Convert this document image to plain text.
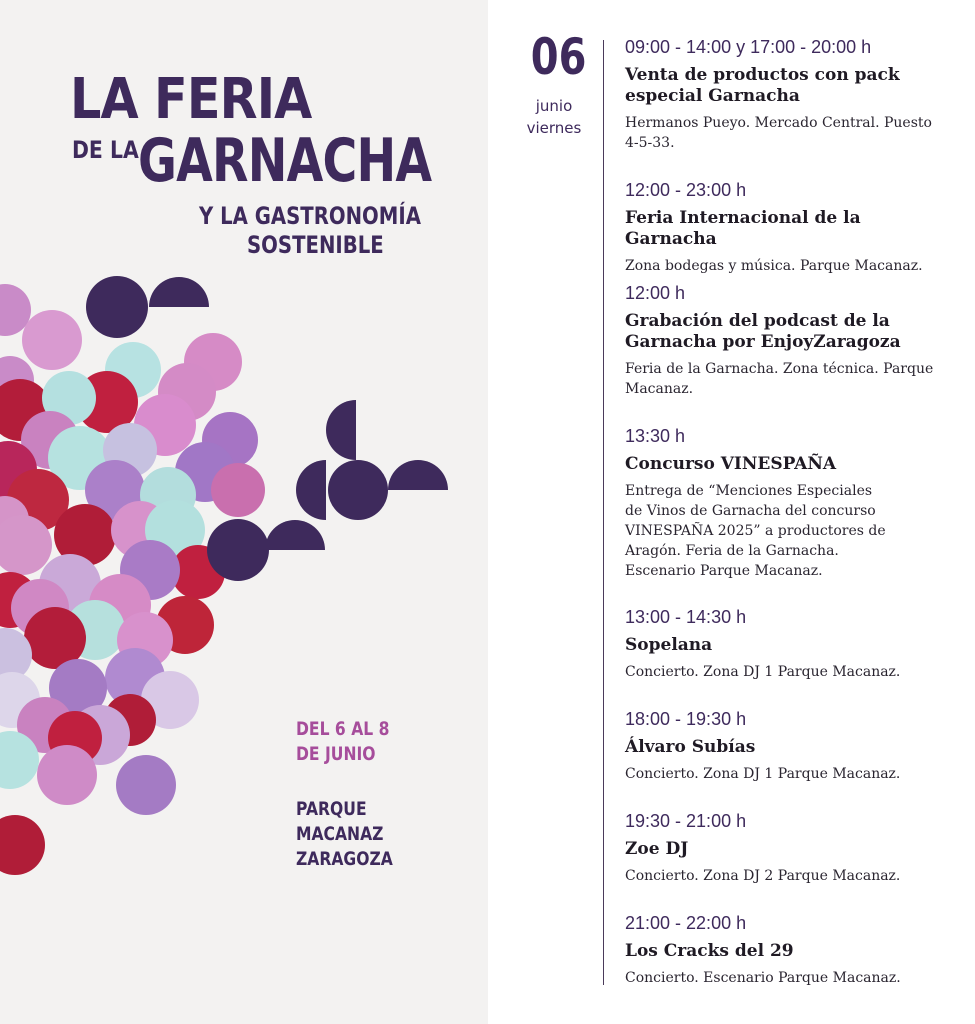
LA FERIA
DE LA GARNACHA
Y LA GASTRONOMÍA
SOSTENIBLE
DEL 6 AL 8
DE JUNIO
PARQUE
MACANAZ
ZARAGOZA
06
junio
viernes
09:00 - 14:00 y 17:00 - 20:00 h
Venta de productos con pack especial Garnacha
Hermanos Pueyo. Mercado Central. Puesto 4-5-33.
12:00 - 23:00 h
Feria Internacional de la Garnacha
Zona bodegas y música. Parque Macanaz.
12:00 h
Grabación del podcast de la Garnacha por EnjoyZaragoza
Feria de la Garnacha. Zona técnica. Parque Macanaz.
13:30 h
Concurso VINESPAÑA
Entrega de “Menciones Especiales de Vinos de Garnacha del concurso VINESPAÑA 2025” a productores de Aragón. Feria de la Garnacha. Escenario Parque Macanaz.
13:00 - 14:30 h
Sopelana
Concierto. Zona DJ 1 Parque Macanaz.
18:00 - 19:30 h
Álvaro Subías
Concierto. Zona DJ 1 Parque Macanaz.
19:30 - 21:00 h
Zoe DJ
Concierto. Zona DJ 2 Parque Macanaz.
21:00 - 22:00 h
Los Cracks del 29
Concierto. Escenario Parque Macanaz.
